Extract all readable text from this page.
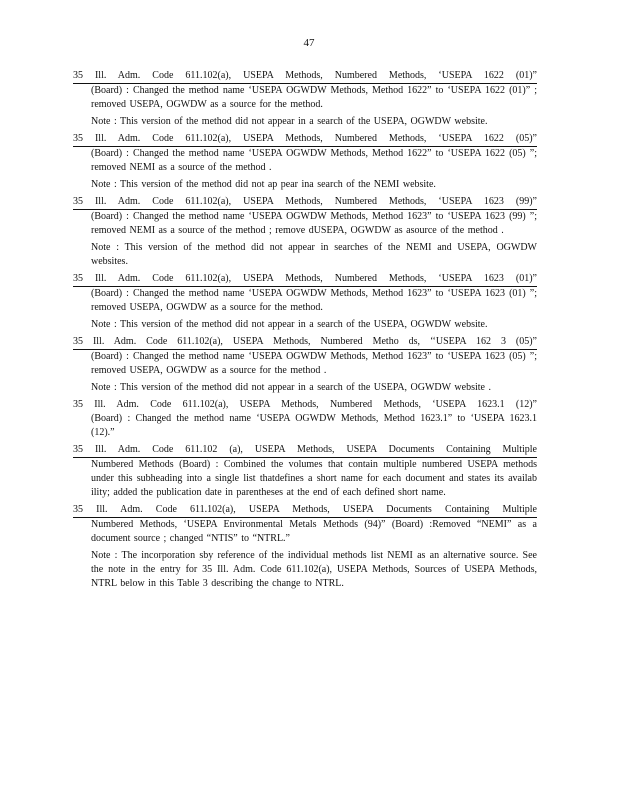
47

35 Ill. Adm. Code 611.102(a), USEPA Methods, Numbered Methods, ‘USEPA 1622 (01)”

(Board) : Changed the method name ‘USEPA OGWDW Methods, Method 1622” to ‘USEPA 1622 (01)” ; removed USEPA, OGWDW as a source for the method.

Note : This version of the method did not appear in a search of the USEPA, OGWDW website.

35 Ill. Adm. Code 611.102(a), USEPA Methods, Numbered Methods, ‘USEPA 1622 (05)”

(Board) : Changed the method name ‘USEPA OGWDW Methods, Method 1622” to ‘USEPA 1622 (05) ”; removed NEMI as a source of the method .

Note : This version of the method did not ap pear ina search of the NEMI website.

35 Ill. Adm. Code 611.102(a), USEPA Methods, Numbered Methods, ‘USEPA 1623 (99)”

(Board) : Changed the method name ‘USEPA OGWDW Methods, Method 1623” to ‘USEPA 1623 (99) ”; removed NEMI as a source of the method ; remove dUSEPA, OGWDW as asource of the method .

Note : This version of the method did not appear in searches of the NEMI and USEPA, OGWDW websites.

35 Ill. Adm. Code 611.102(a), USEPA Methods, Numbered Methods, ‘USEPA 1623 (01)”

(Board) : Changed the method name ‘USEPA OGWDW Methods, Method 1623” to ‘USEPA 1623 (01) ”; removed USEPA, OGWDW as a source for the method.

Note : This version of the method did not appear in a search of the USEPA, OGWDW website.

35 Ill. Adm. Code 611.102(a), USEPA Methods, Numbered Metho ds, ‘‘USEPA 162 3 (05)”

(Board) : Changed the method name ‘USEPA OGWDW Methods, Method 1623” to ‘USEPA 1623 (05) ”; removed USEPA, OGWDW as a source for the method .

Note : This version of the method did not appear in a search of the USEPA, OGWDW website .

35 Ill. Adm. Code 611.102(a), USEPA Methods, Numbered Methods, ‘USEPA 1623.1 (12)”

(Board) : Changed the method name ‘USEPA OGWDW Methods, Method 1623.1” to ‘USEPA 1623.1 (12).”

35 Ill. Adm. Code 611.102 (a), USEPA Methods, USEPA Documents Containing Multiple

Numbered Methods (Board) : Combined the volumes that contain multiple numbered USEPA methods under this subheading into a single list thatdefines a short name for each document and states its availab ility; added the publication date in parentheses at the end of each defined short name.

35 Ill. Adm. Code 611.102(a), USEPA Methods, USEPA Documents Containing Multiple

Numbered Methods, ‘USEPA Environmental Metals Methods (94)” (Board) :Removed “NEMI” as a document source ; changed “NTIS” to “NTRL.”

Note : The incorporation sby reference of the individual methods list NEMI as an alternative source. See the note in the entry for 35 Ill. Adm. Code 611.102(a), USEPA Methods, Sources of USEPA Methods, NTRL below in this Table 3 describing the change to NTRL.
